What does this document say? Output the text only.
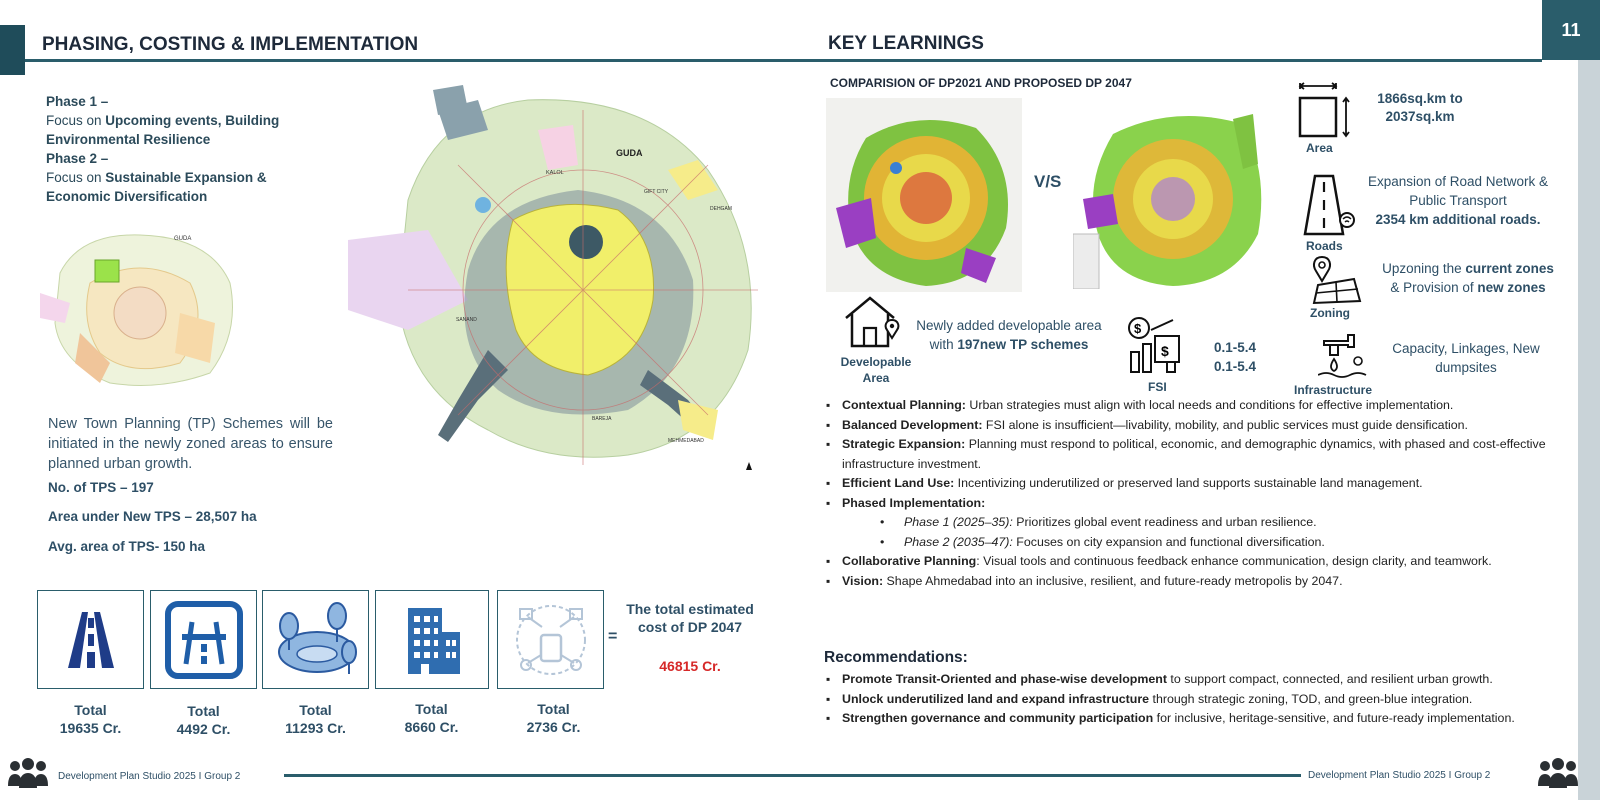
PHASING, COSTING & IMPLEMENTATION	KEY LEARNINGS
11
Phase 1 –
Focus on Upcoming events, Building
Environmental Resilience
Phase 2 –
Focus on Sustainable Expansion &
Economic Diversification
GUDA
New Town Planning (TP) Schemes will be initiated in the newly zoned areas to ensure planned urban growth.
No. of TPS – 197
Area under New TPS – 28,507 ha
Avg. area of TPS- 150 ha
GUDA
KALOL
GIFT CITY
DEHGAM
SANAND
BAREJA
MEHMEDABAD
=
The total estimated cost of DP 2047
46815 Cr.
Total
19635 Cr.
Total
4492 Cr.
Total
11293 Cr.
Total
8660 Cr.
Total
2736 Cr.
COMPARISION OF DP2021 AND PROPOSED DP 2047
V/S
Area
1866sq.km to 2037sq.km
Roads
Expansion of Road Network & Public Transport
2354 km additional roads.
Zoning
Upzoning the current zones & Provision of new zones
Infrastructure
Capacity, Linkages, New dumpsites
Developable Area
Newly added developable area with 197new TP schemes
$
$
FSI
0.1-5.4
0.1-5.4
▪ Contextual Planning: Urban strategies must align with local needs and conditions for effective implementation.
▪ Balanced Development: FSI alone is insufficient—livability, mobility, and public services must guide densification.
▪ Strategic Expansion: Planning must respond to political, economic, and demographic dynamics, with phased and cost-effective infrastructure investment.
▪ Efficient Land Use: Incentivizing underutilized or preserved land supports sustainable land management.
▪ Phased Implementation:
• Phase 1 (2025–35): Prioritizes global event readiness and urban resilience.
• Phase 2 (2035–47): Focuses on city expansion and functional diversification.
▪ Collaborative Planning: Visual tools and continuous feedback enhance communication, design clarity, and teamwork.
▪ Vision: Shape Ahmedabad into an inclusive, resilient, and future-ready metropolis by 2047.
Recommendations:
▪ Promote Transit-Oriented and phase-wise development to support compact, connected, and resilient urban growth.
▪ Unlock underutilized land and expand infrastructure through strategic zoning, TOD, and green-blue integration.
▪ Strengthen governance and community participation for inclusive, heritage-sensitive, and future-ready implementation.
Development Plan Studio 2025 I Group 2	Development Plan Studio 2025 I Group 2
